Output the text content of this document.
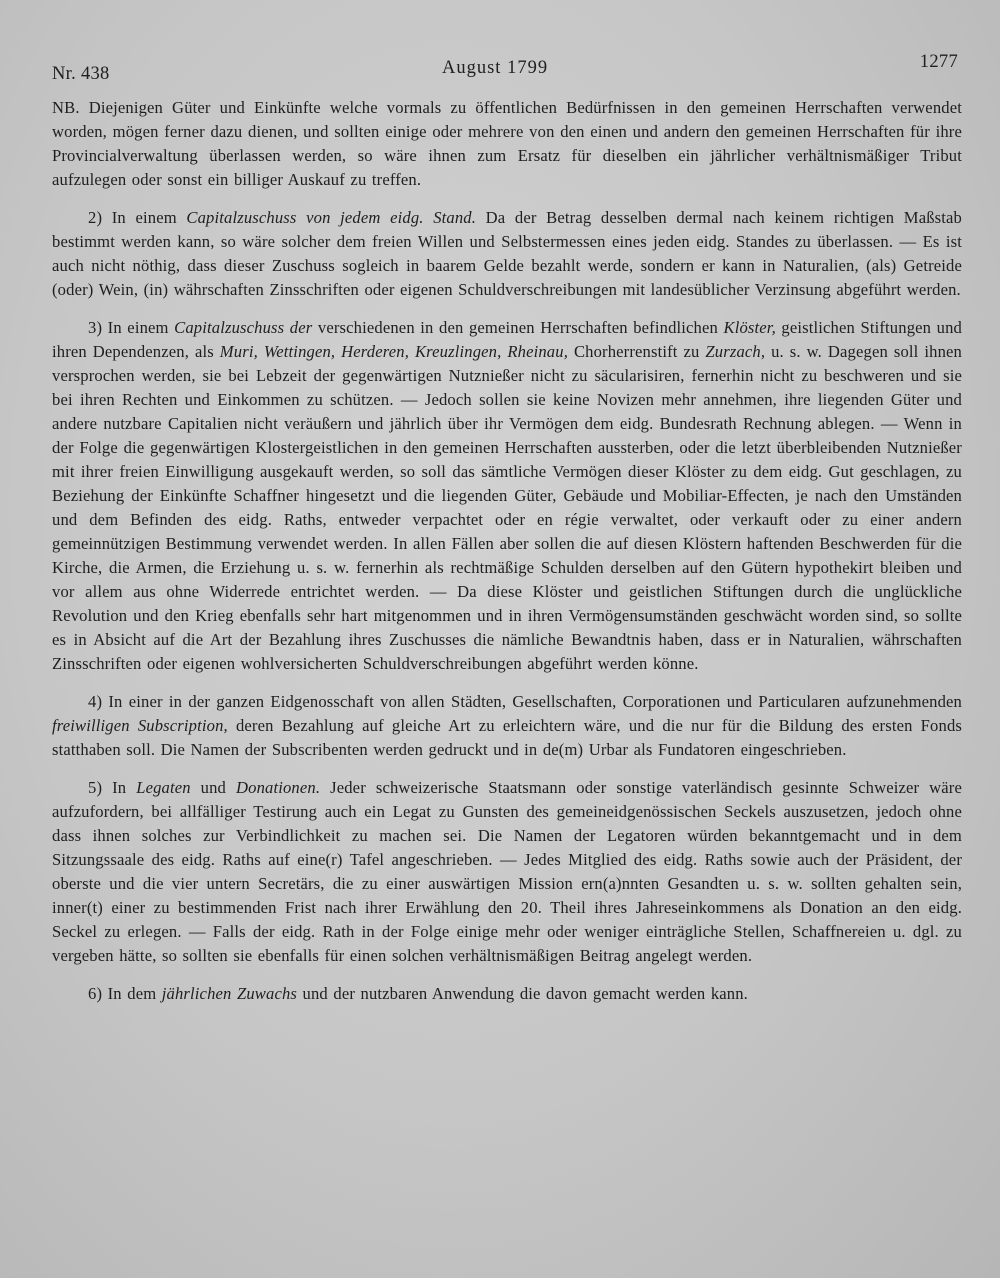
Nr. 438	August 1799	1277

NB. Diejenigen Güter und Einkünfte welche vormals zu öffentlichen Bedürfnissen in den gemeinen Herrschaften verwendet worden, mögen ferner dazu dienen, und sollten einige oder mehrere von den einen und andern den gemeinen Herrschaften für ihre Provincialverwaltung überlassen werden, so wäre ihnen zum Ersatz für dieselben ein jährlicher verhältnismäßiger Tribut aufzulegen oder sonst ein billiger Auskauf zu treffen.

2) In einem Capitalzuschuss von jedem eidg. Stand. Da der Betrag desselben dermal nach keinem richtigen Maßstab bestimmt werden kann, so wäre solcher dem freien Willen und Selbstermessen eines jeden eidg. Standes zu überlassen. — Es ist auch nicht nöthig, dass dieser Zuschuss sogleich in baarem Gelde bezahlt werde, sondern er kann in Naturalien, (als) Getreide (oder) Wein, (in) währschaften Zinsschriften oder eigenen Schuldverschreibungen mit landesüblicher Verzinsung abgeführt werden.

3) In einem Capitalzuschuss der verschiedenen in den gemeinen Herrschaften befindlichen Klöster, geistlichen Stiftungen und ihren Dependenzen, als Muri, Wettingen, Herderen, Kreuzlingen, Rheinau, Chorherrenstift zu Zurzach, u. s. w. Dagegen soll ihnen versprochen werden, sie bei Lebzeit der gegenwärtigen Nutznießer nicht zu säcularisiren, fernerhin nicht zu beschweren und sie bei ihren Rechten und Einkommen zu schützen. — Jedoch sollen sie keine Novizen mehr annehmen, ihre liegenden Güter und andere nutzbare Capitalien nicht veräußern und jährlich über ihr Vermögen dem eidg. Bundesrath Rechnung ablegen. — Wenn in der Folge die gegenwärtigen Klostergeistlichen in den gemeinen Herrschaften aussterben, oder die letzt überbleibenden Nutznießer mit ihrer freien Einwilligung ausgekauft werden, so soll das sämtliche Vermögen dieser Klöster zu dem eidg. Gut geschlagen, zu Beziehung der Einkünfte Schaffner hingesetzt und die liegenden Güter, Gebäude und Mobiliar-Effecten, je nach den Umständen und dem Befinden des eidg. Raths, entweder verpachtet oder en régie verwaltet, oder verkauft oder zu einer andern gemeinnützigen Bestimmung verwendet werden. In allen Fällen aber sollen die auf diesen Klöstern haftenden Beschwerden für die Kirche, die Armen, die Erziehung u. s. w. fernerhin als rechtmäßige Schulden derselben auf den Gütern hypothekirt bleiben und vor allem aus ohne Widerrede entrichtet werden. — Da diese Klöster und geistlichen Stiftungen durch die unglückliche Revolution und den Krieg ebenfalls sehr hart mitgenommen und in ihren Vermögensumständen geschwächt worden sind, so sollte es in Absicht auf die Art der Bezahlung ihres Zuschusses die nämliche Bewandtnis haben, dass er in Naturalien, währschaften Zinsschriften oder eigenen wohlversicherten Schuldverschreibungen abgeführt werden könne.

4) In einer in der ganzen Eidgenosschaft von allen Städten, Gesellschaften, Corporationen und Particularen aufzunehmenden freiwilligen Subscription, deren Bezahlung auf gleiche Art zu erleichtern wäre, und die nur für die Bildung des ersten Fonds statthaben soll. Die Namen der Subscribenten werden gedruckt und in de(m) Urbar als Fundatoren eingeschrieben.

5) In Legaten und Donationen. Jeder schweizerische Staatsmann oder sonstige vaterländisch gesinnte Schweizer wäre aufzufordern, bei allfälliger Testirung auch ein Legat zu Gunsten des gemeineidgenössischen Seckels auszusetzen, jedoch ohne dass ihnen solches zur Verbindlichkeit zu machen sei. Die Namen der Legatoren würden bekanntgemacht und in dem Sitzungssaale des eidg. Raths auf eine(r) Tafel angeschrieben. — Jedes Mitglied des eidg. Raths sowie auch der Präsident, der oberste und die vier untern Secretärs, die zu einer auswärtigen Mission ern(a)nnten Gesandten u. s. w. sollten gehalten sein, inner(t) einer zu bestimmenden Frist nach ihrer Erwählung den 20. Theil ihres Jahreseinkommens als Donation an den eidg. Seckel zu erlegen. — Falls der eidg. Rath in der Folge einige mehr oder weniger einträgliche Stellen, Schaffnereien u. dgl. zu vergeben hätte, so sollten sie ebenfalls für einen solchen verhältnismäßigen Beitrag angelegt werden.

6) In dem jährlichen Zuwachs und der nutzbaren Anwendung die davon gemacht werden kann.
